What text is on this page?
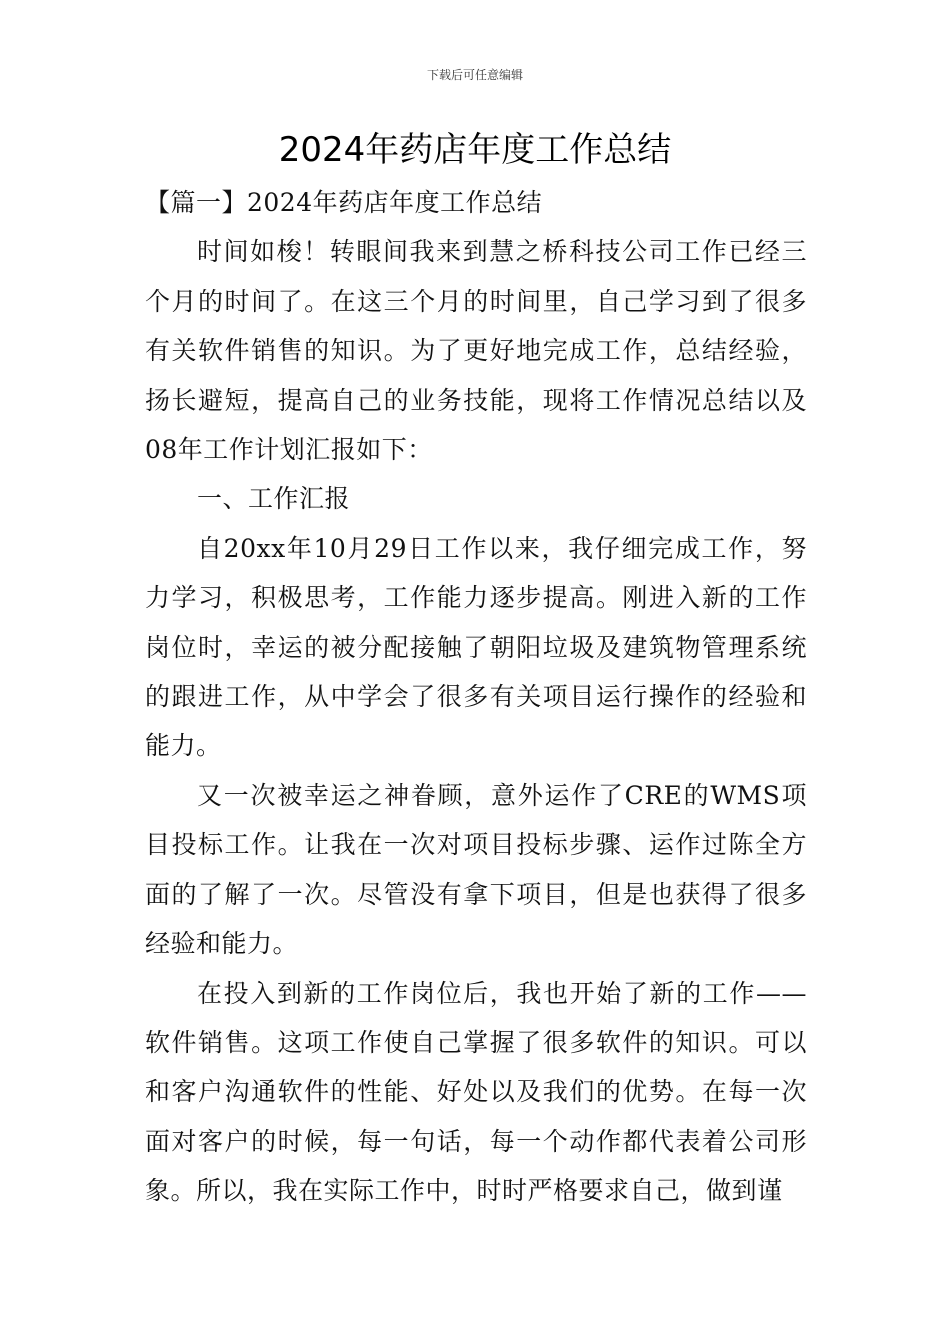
下载后可任意编辑
2024年药店年度工作总结

【篇一】2024年药店年度工作总结

时间如梭！转眼间我来到慧之桥科技公司工作已经三个月的时间了。在这三个月的时间里，自己学习到了很多有关软件销售的知识。为了更好地完成工作，总结经验，扬长避短，提高自己的业务技能，现将工作情况总结以及08年工作计划汇报如下：

一、工作汇报

自20xx年10月29日工作以来，我仔细完成工作，努力学习，积极思考，工作能力逐步提高。刚进入新的工作岗位时，幸运的被分配接触了朝阳垃圾及建筑物管理系统的跟进工作，从中学会了很多有关项目运行操作的经验和能力。

又一次被幸运之神眷顾，意外运作了CRE的WMS项目投标工作。让我在一次对项目投标步骤、运作过陈全方面的了解了一次。尽管没有拿下项目，但是也获得了很多经验和能力。

在投入到新的工作岗位后，我也开始了新的工作——软件销售。这项工作使自己掌握了很多软件的知识。可以和客户沟通软件的性能、好处以及我们的优势。在每一次面对客户的时候，每一句话，每一个动作都代表着公司形象。所以，我在实际工作中，时时严格要求自己，做到谨
